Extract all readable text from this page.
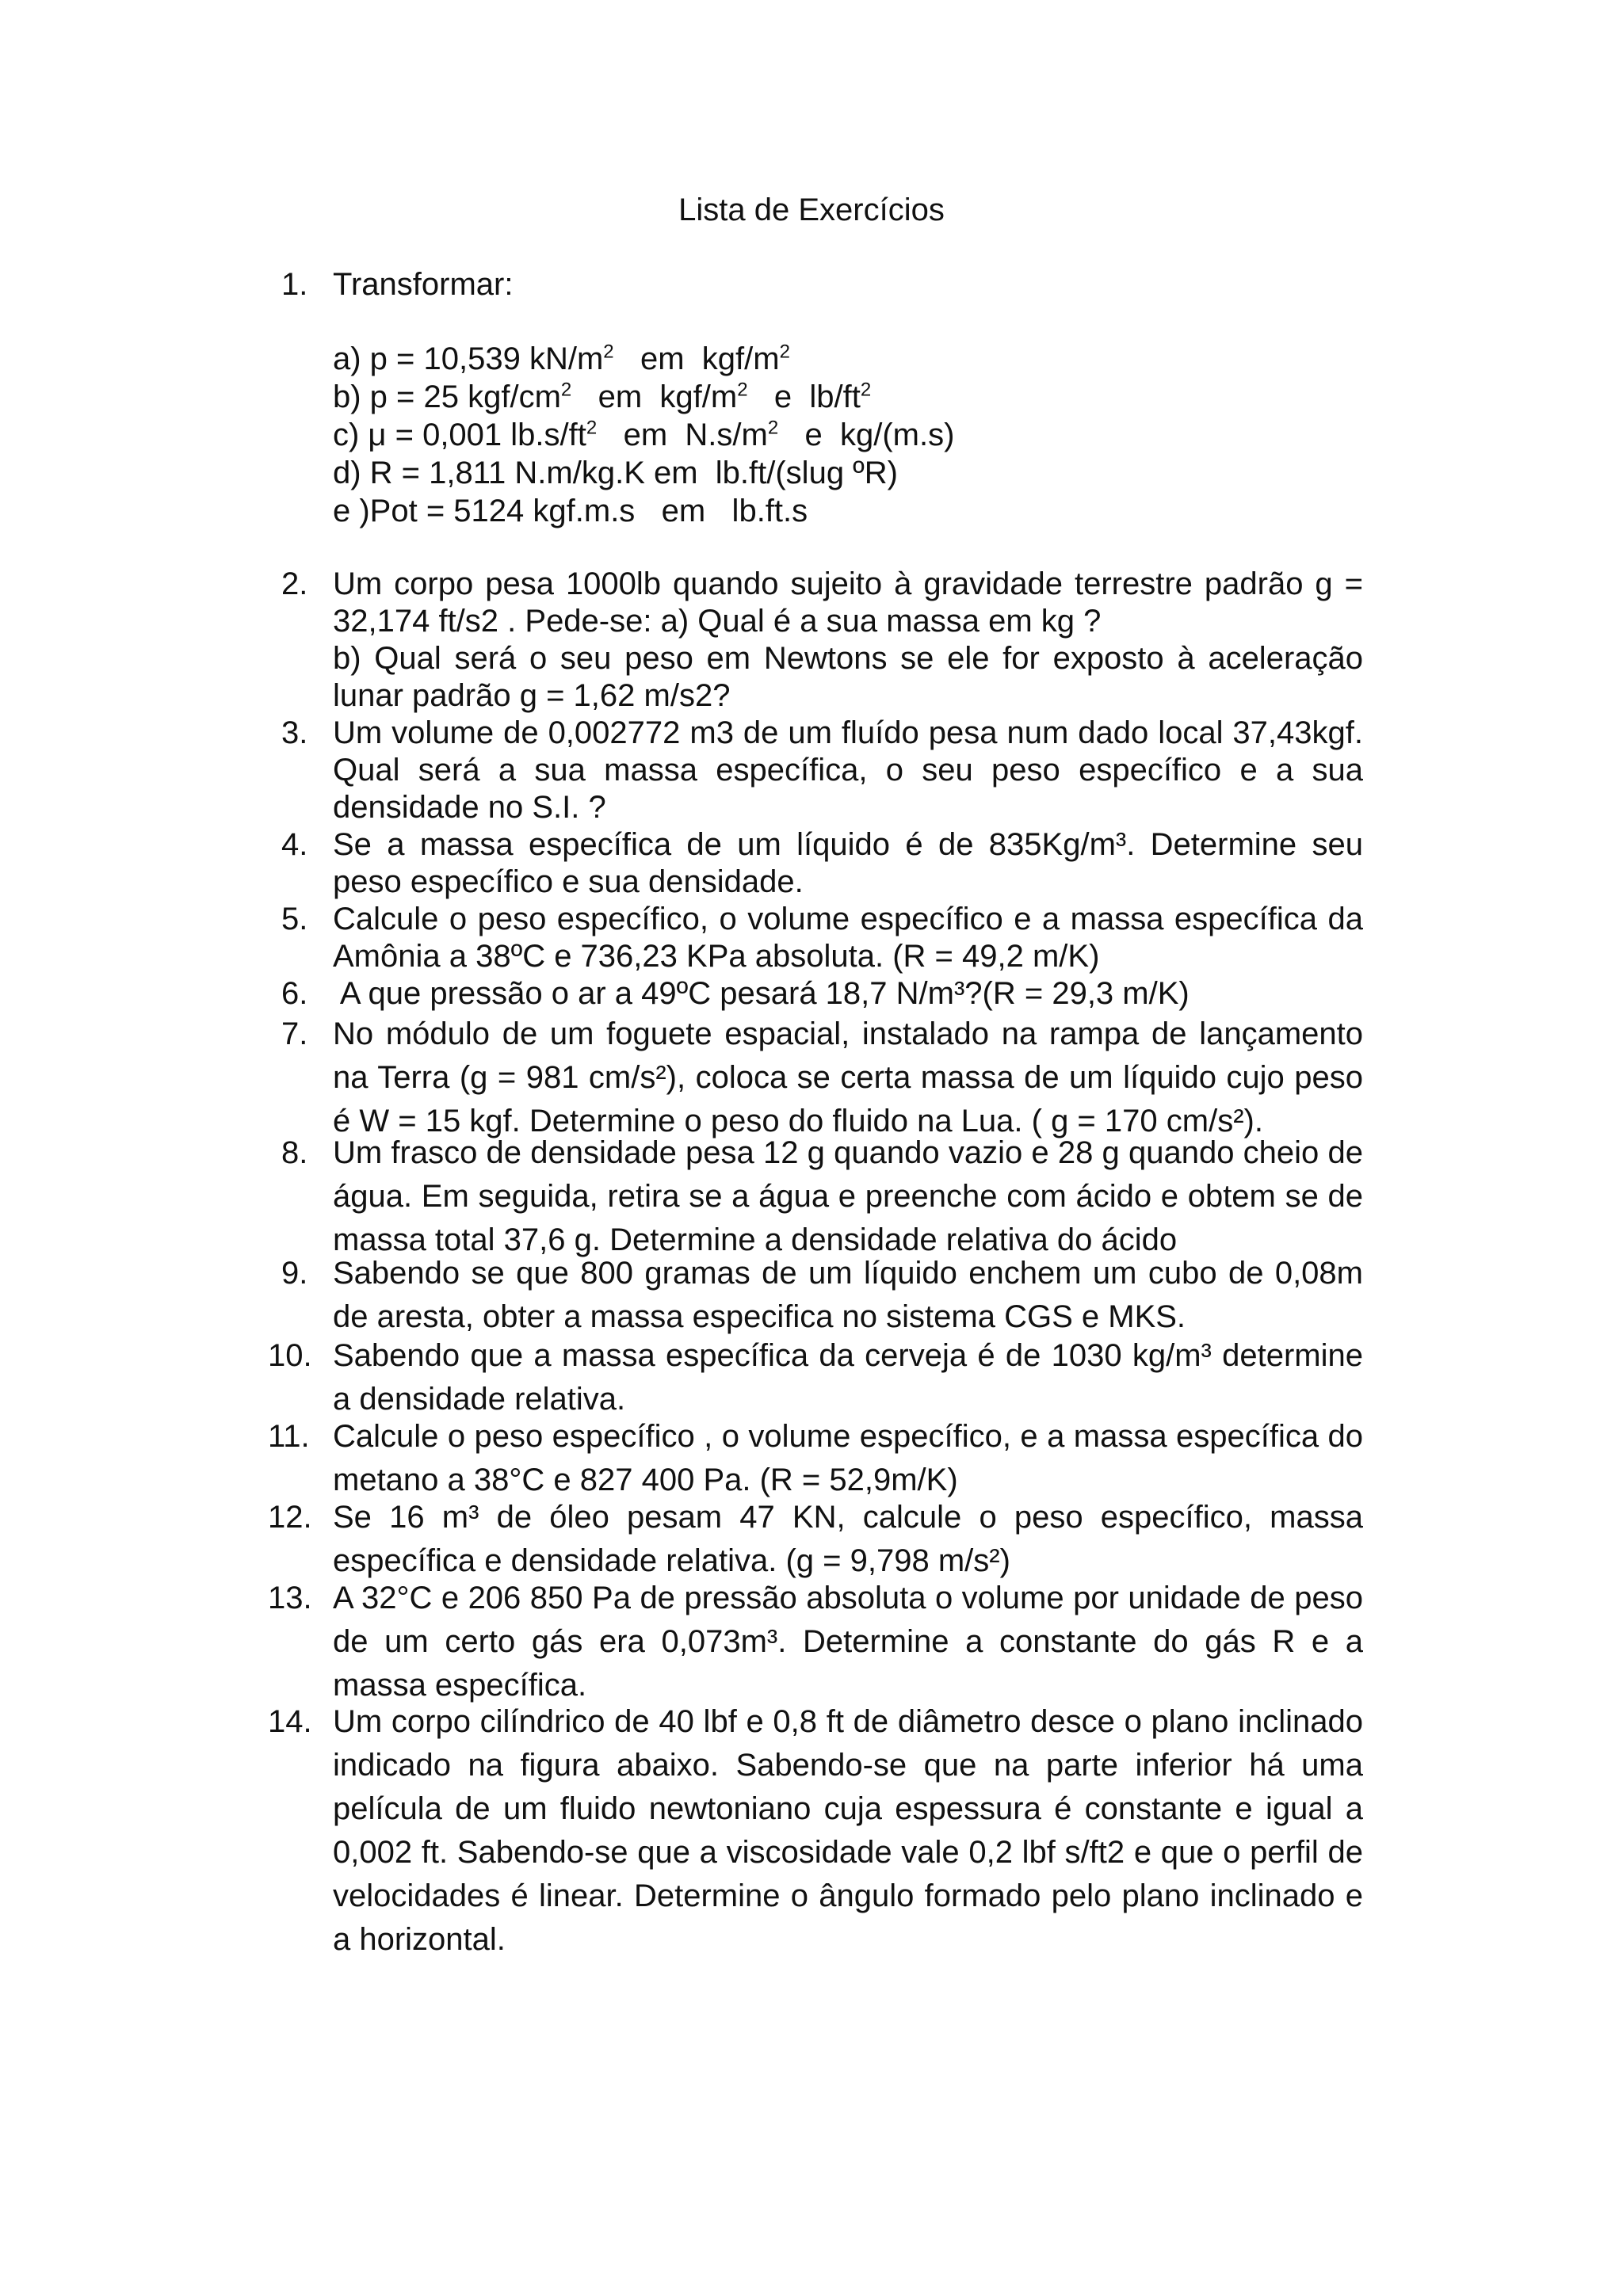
Lista de Exercícios
1. Transformar:
a) p = 10,539 $kN/m^2$   em  kgf/$m^2$
b) p = 25 kgf/$cm^2$   em  kgf/$m^2$   e  $lb/ft^2$
c) μ = 0,001 $lb.s/ft^2$   em  $N.s/m^2$   e  kg/(m.s)
d) R = 1,811 N.m/kg.K em  lb.ft/(slug ºR)
e )Pot = 5124 kgf.m.s   em   lb.ft.s
2. Um corpo pesa 1000lb quando sujeito à gravidade terrestre padrão g = 32,174 ft/s2 . Pede-se: a) Qual é a sua massa em kg ?
b) Qual será o seu peso em Newtons se ele for exposto à aceleração lunar padrão g = 1,62 m/s2?
3. Um volume de 0,002772 m3 de um fluído pesa num dado local 37,43kgf. Qual será a sua massa específica, o seu peso específico e a sua densidade no S.I. ?
4. Se a massa específica de um líquido é de 835Kg/m³. Determine seu peso específico e sua densidade.
5. Calcule o peso específico, o volume específico e a massa específica da Amônia a 38ºC e 736,23 KPa absoluta. (R = 49,2 m/K)
6. A que pressão o ar a 49ºC pesará 18,7 N/m³?(R = 29,3 m/K)
7. No módulo de um foguete espacial, instalado na rampa de lançamento na Terra (g = 981 cm/s²), coloca se certa massa de um líquido cujo peso é W = 15 kgf. Determine o peso do fluido na Lua. ( g = 170 cm/s²).
8. Um frasco de densidade pesa 12 g quando vazio e 28 g quando cheio de água. Em seguida, retira se a água e preenche com ácido e obtem se de massa total 37,6 g. Determine a densidade relativa do ácido
9. Sabendo se que 800 gramas de um líquido enchem um cubo de 0,08m de aresta, obter a massa especifica no sistema CGS e MKS.
10. Sabendo que a massa específica da cerveja é de 1030 kg/m³ determine a densidade relativa.
11. Calcule o peso específico , o volume específico, e a massa específica do metano a 38°C e 827 400 Pa. (R = 52,9m/K)
12. Se 16 m³ de óleo pesam 47 KN, calcule o peso específico, massa específica e densidade relativa. (g = 9,798 m/s²)
13. A 32°C e 206 850 Pa de pressão absoluta o volume por unidade de peso de um certo gás era 0,073m³. Determine a constante do gás R e a massa específica.
14. Um corpo cilíndrico de 40 lbf e 0,8 ft de diâmetro desce o plano inclinado indicado na figura abaixo. Sabendo-se que na parte inferior há uma película de um fluido newtoniano cuja espessura é constante e igual a 0,002 ft. Sabendo-se que a viscosidade vale 0,2 lbf s/ft2 e que o perfil de velocidades é linear. Determine o ângulo formado pelo plano inclinado e a horizontal.
